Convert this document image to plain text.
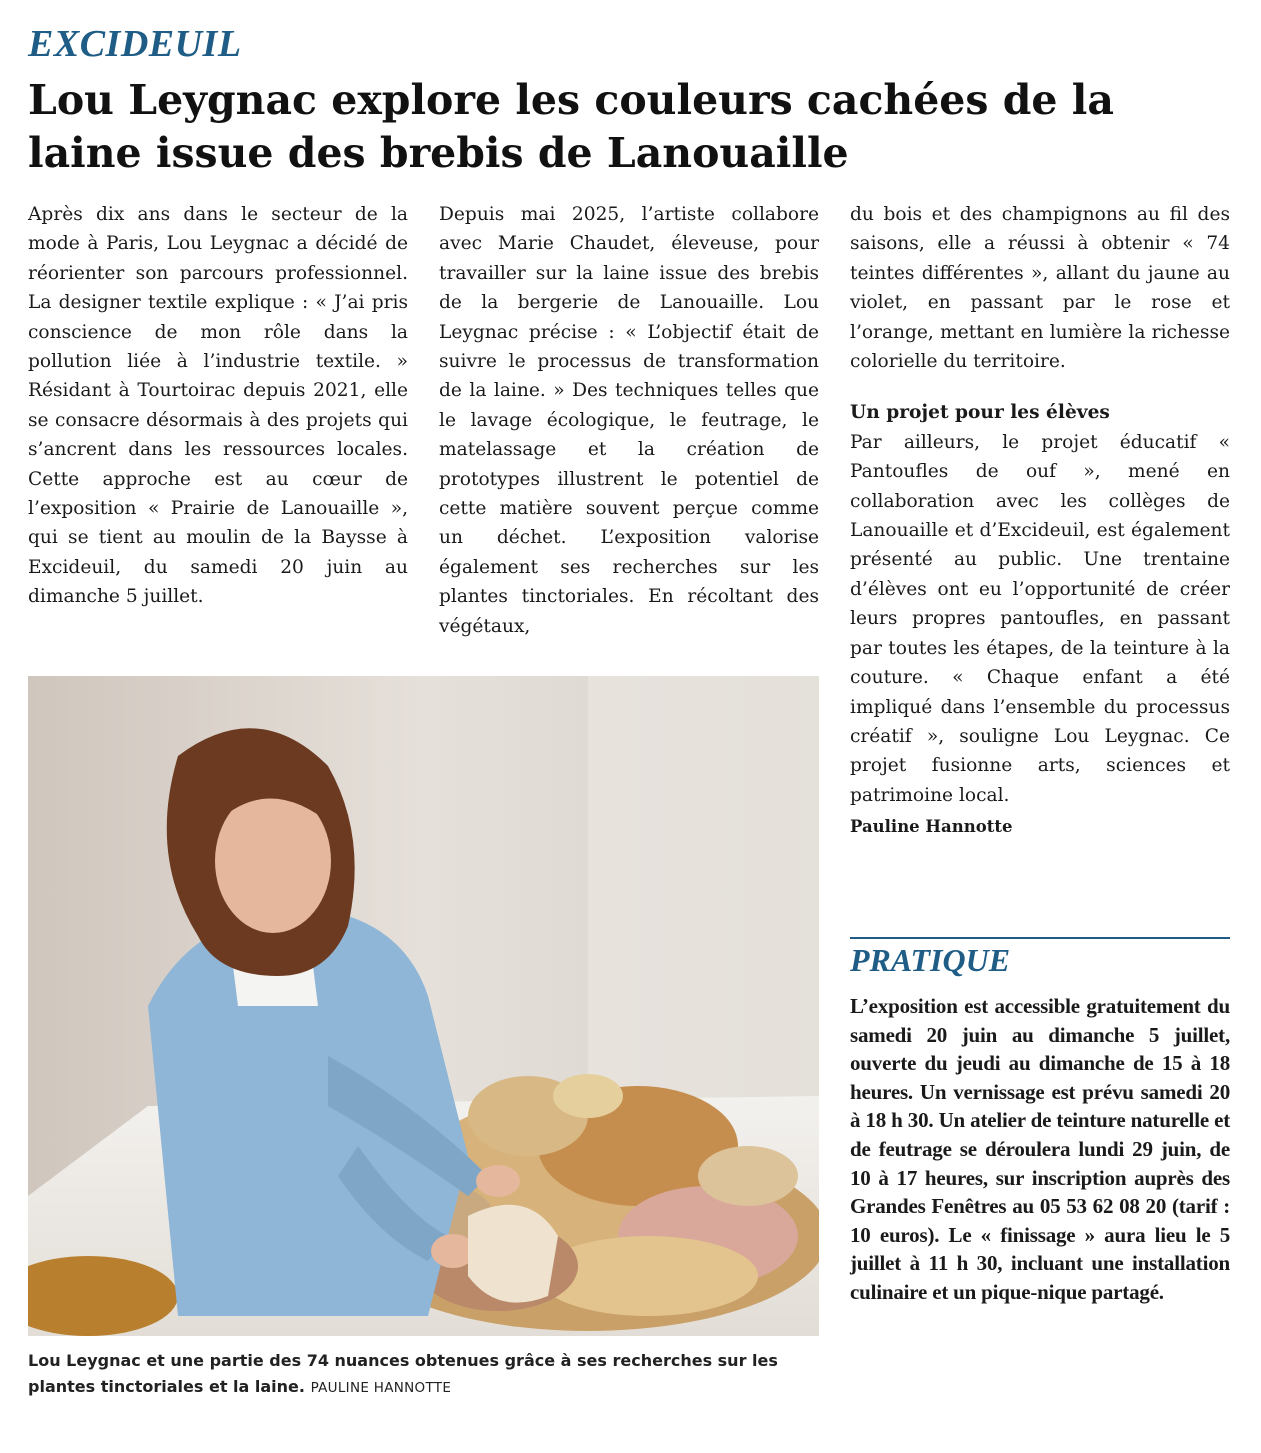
EXCIDEUIL
Lou Leygnac explore les couleurs cachées de la laine issue des brebis de Lanouaille

Après dix ans dans le secteur de la mode à Paris, Lou Leygnac a décidé de réorienter son parcours professionnel. La designer textile explique : « J’ai pris conscience de mon rôle dans la pollution liée à l’industrie textile. » Résidant à Tourtoirac depuis 2021, elle se consacre désormais à des projets qui s’ancrent dans les ressources locales. Cette approche est au cœur de l’exposition « Prairie de Lanouaille », qui se tient au moulin de la Baysse à Excideuil, du samedi 20 juin au dimanche 5 juillet.

Depuis mai 2025, l’artiste collabore avec Marie Chaudet, éleveuse, pour travailler sur la laine issue des brebis de la bergerie de Lanouaille. Lou Leygnac précise : « L’objectif était de suivre le processus de transformation de la laine. » Des techniques telles que le lavage écologique, le feutrage, le matelassage et la création de prototypes illustrent le potentiel de cette matière souvent perçue comme un déchet. L’exposition valorise également ses recherches sur les plantes tinctoriales. En récoltant des végétaux,

du bois et des champignons au fil des saisons, elle a réussi à obtenir « 74 teintes différentes », allant du jaune au violet, en passant par le rose et l’orange, mettant en lumière la richesse colorielle du territoire.

Un projet pour les élèves

Par ailleurs, le projet éducatif « Pantoufles de ouf », mené en collaboration avec les collèges de Lanouaille et d’Excideuil, est également présenté au public. Une trentaine d’élèves ont eu l’opportunité de créer leurs propres pantoufles, en passant par toutes les étapes, de la teinture à la couture. « Chaque enfant a été impliqué dans l’ensemble du processus créatif », souligne Lou Leygnac. Ce projet fusionne arts, sciences et patrimoine local.

Pauline Hannotte

Lou Leygnac et une partie des 74 nuances obtenues grâce à ses recherches sur les plantes tinctoriales et la laine. PAULINE HANNOTTE
PRATIQUE
L’exposition est accessible gratuitement du samedi 20 juin au dimanche 5 juillet, ouverte du jeudi au dimanche de 15 à 18 heures. Un vernissage est prévu samedi 20 à 18 h 30. Un atelier de teinture naturelle et de feutrage se déroulera lundi 29 juin, de 10 à 17 heures, sur inscription auprès des Grandes Fenêtres au 05 53 62 08 20 (tarif : 10 euros). Le « finissage » aura lieu le 5 juillet à 11 h 30, incluant une installation culinaire et un pique-nique partagé.
